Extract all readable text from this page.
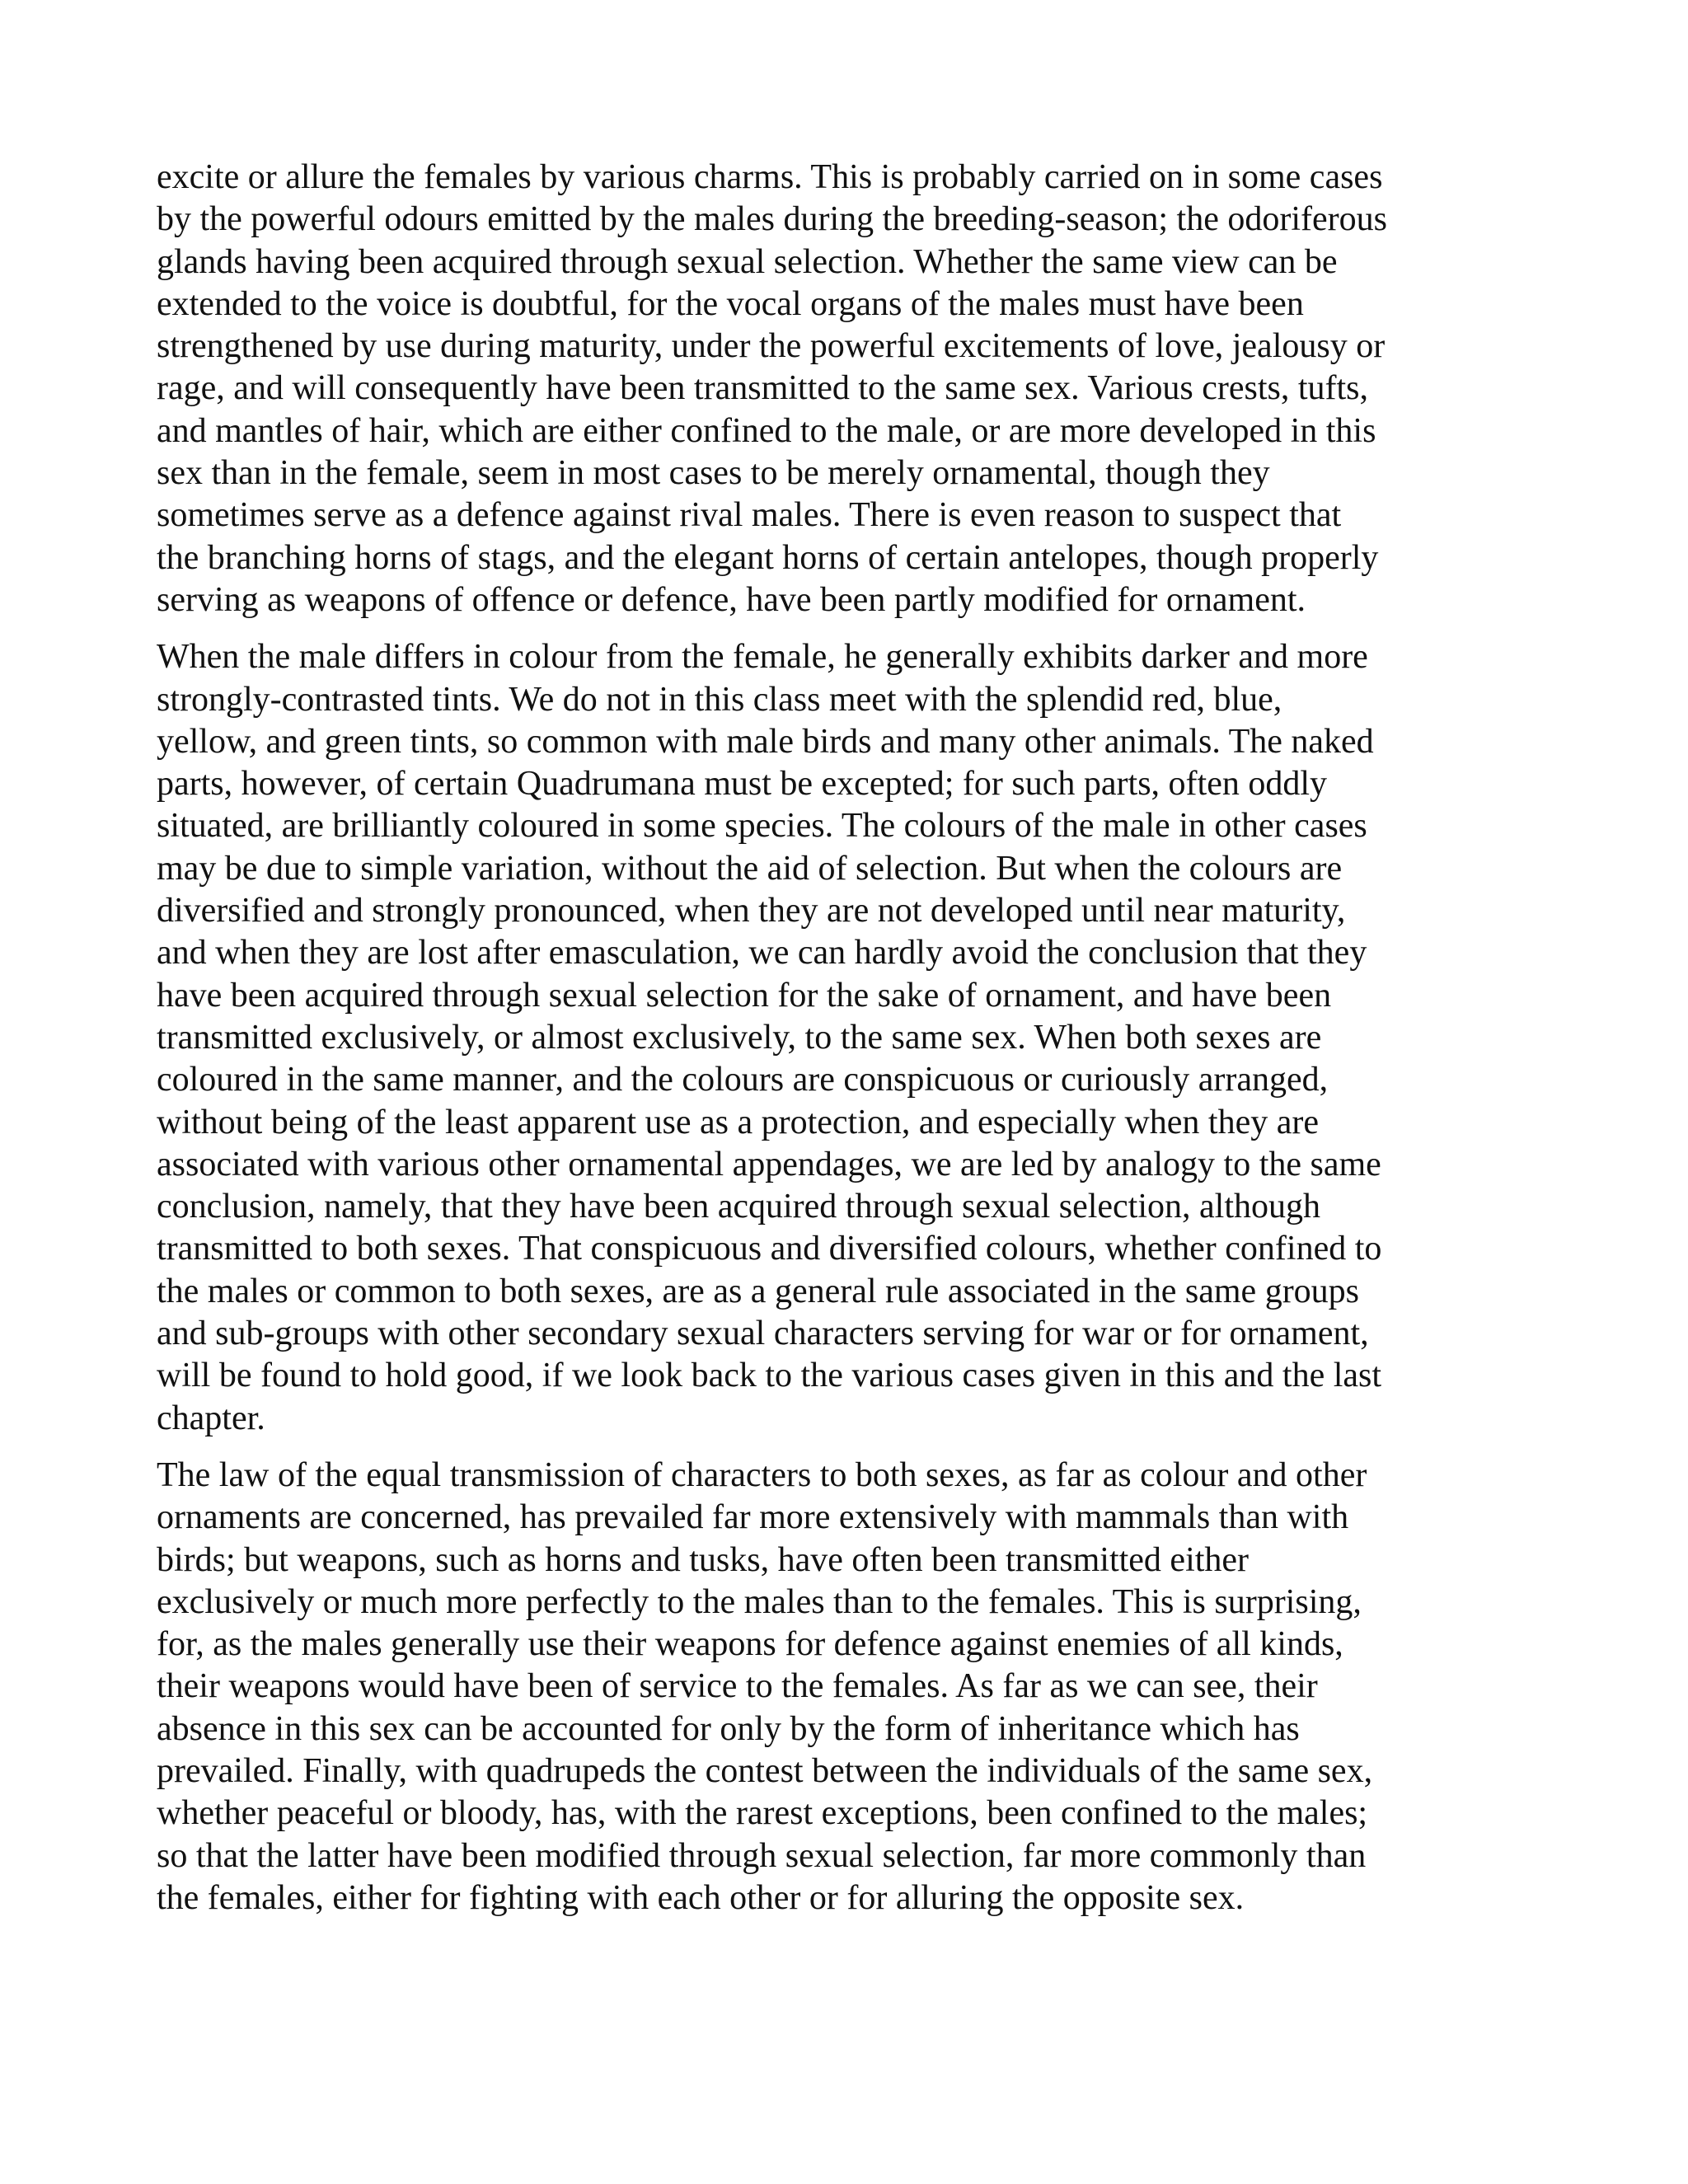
excite or allure the females by various charms. This is probably carried on in some cases
by the powerful odours emitted by the males during the breeding-season; the odoriferous
glands having been acquired through sexual selection. Whether the same view can be
extended to the voice is doubtful, for the vocal organs of the males must have been
strengthened by use during maturity, under the powerful excitements of love, jealousy or
rage, and will consequently have been transmitted to the same sex. Various crests, tufts,
and mantles of hair, which are either confined to the male, or are more developed in this
sex than in the female, seem in most cases to be merely ornamental, though they
sometimes serve as a defence against rival males. There is even reason to suspect that
the branching horns of stags, and the elegant horns of certain antelopes, though properly
serving as weapons of offence or defence, have been partly modified for ornament.

When the male differs in colour from the female, he generally exhibits darker and more
strongly-contrasted tints. We do not in this class meet with the splendid red, blue,
yellow, and green tints, so common with male birds and many other animals. The naked
parts, however, of certain Quadrumana must be excepted; for such parts, often oddly
situated, are brilliantly coloured in some species. The colours of the male in other cases
may be due to simple variation, without the aid of selection. But when the colours are
diversified and strongly pronounced, when they are not developed until near maturity,
and when they are lost after emasculation, we can hardly avoid the conclusion that they
have been acquired through sexual selection for the sake of ornament, and have been
transmitted exclusively, or almost exclusively, to the same sex. When both sexes are
coloured in the same manner, and the colours are conspicuous or curiously arranged,
without being of the least apparent use as a protection, and especially when they are
associated with various other ornamental appendages, we are led by analogy to the same
conclusion, namely, that they have been acquired through sexual selection, although
transmitted to both sexes. That conspicuous and diversified colours, whether confined to
the males or common to both sexes, are as a general rule associated in the same groups
and sub-groups with other secondary sexual characters serving for war or for ornament,
will be found to hold good, if we look back to the various cases given in this and the last
chapter.

The law of the equal transmission of characters to both sexes, as far as colour and other
ornaments are concerned, has prevailed far more extensively with mammals than with
birds; but weapons, such as horns and tusks, have often been transmitted either
exclusively or much more perfectly to the males than to the females. This is surprising,
for, as the males generally use their weapons for defence against enemies of all kinds,
their weapons would have been of service to the females. As far as we can see, their
absence in this sex can be accounted for only by the form of inheritance which has
prevailed. Finally, with quadrupeds the contest between the individuals of the same sex,
whether peaceful or bloody, has, with the rarest exceptions, been confined to the males;
so that the latter have been modified through sexual selection, far more commonly than
the females, either for fighting with each other or for alluring the opposite sex.
